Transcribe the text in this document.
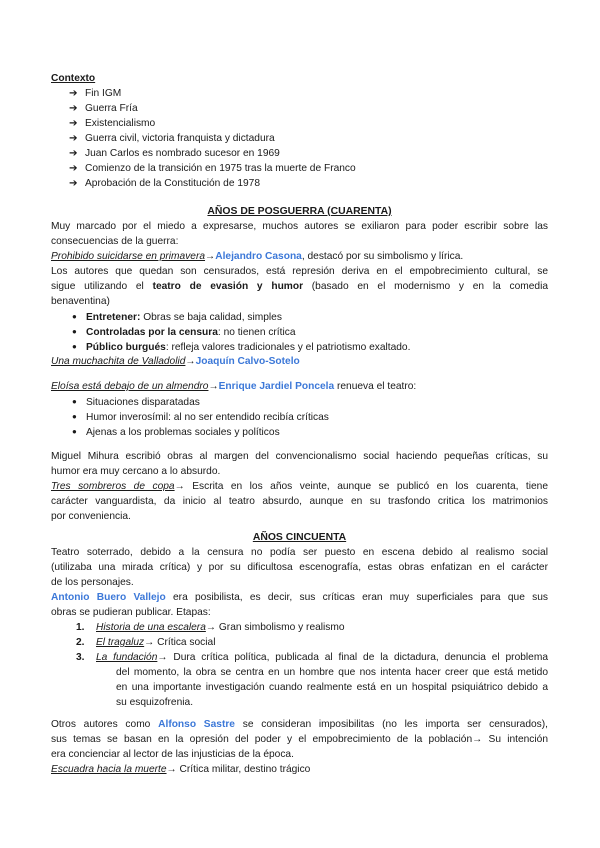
Contexto
➔ Fin IGM
➔ Guerra Fría
➔ Existencialismo
➔ Guerra civil, victoria franquista y dictadura
➔ Juan Carlos es nombrado sucesor en 1969
➔ Comienzo de la transición en 1975 tras la muerte de Franco
➔ Aprobación de la Constitución de 1978
AÑOS DE POSGUERRA (CUARENTA)
Muy marcado por el miedo a expresarse, muchos autores se exiliaron para poder escribir sobre las
consecuencias de la guerra:
Prohibido suicidarse en primavera→Alejandro Casona, destacó por su simbolismo y lírica.
Los autores que quedan son censurados, está represión deriva en el empobrecimiento cultural, se
sigue utilizando el teatro de evasión y humor (basado en el modernismo y en la comedia
benaventina)
● Entretener: Obras se baja calidad, simples
● Controladas por la censura: no tienen crítica
● Público burgués: refleja valores tradicionales y el patriotismo exaltado.
Una muchachita de Valladolid→Joaquín Calvo-Sotelo
Eloísa está debajo de un almendro→Enrique Jardiel Poncela renueva el teatro:
● Situaciones disparatadas
● Humor inverosímil: al no ser entendido recibía críticas
● Ajenas a los problemas sociales y políticos
Miguel Mihura escribió obras al margen del convencionalismo social haciendo pequeñas críticas, su
humor era muy cercano a lo absurdo.
Tres sombreros de copa→ Escrita en los años veinte, aunque se publicó en los cuarenta, tiene
carácter vanguardista, da inicio al teatro absurdo, aunque en su trasfondo critica los matrimonios
por conveniencia.
AÑOS CINCUENTA
Teatro soterrado, debido a la censura no podía ser puesto en escena debido al realismo social
(utilizaba una mirada crítica) y por su dificultosa escenografía, estas obras enfatizan en el carácter
de los personajes.
Antonio Buero Vallejo era posibilista, es decir, sus críticas eran muy superficiales para que sus
obras se pudieran publicar. Etapas:
1. Historia de una escalera→ Gran simbolismo y realismo
2. El tragaluz→ Crítica social
3. La fundación→ Dura crítica política, publicada al final de la dictadura, denuncia el problema
del momento, la obra se centra en un hombre que nos intenta hacer creer que está metido
en una importante investigación cuando realmente está en un hospital psiquiátrico debido a
su esquizofrenia.
Otros autores como Alfonso Sastre se consideran imposibilitas (no les importa ser censurados),
sus temas se basan en la opresión del poder y el empobrecimiento de la población→ Su intención
era concienciar al lector de las injusticias de la época.
Escuadra hacia la muerte→ Crítica militar, destino trágico
